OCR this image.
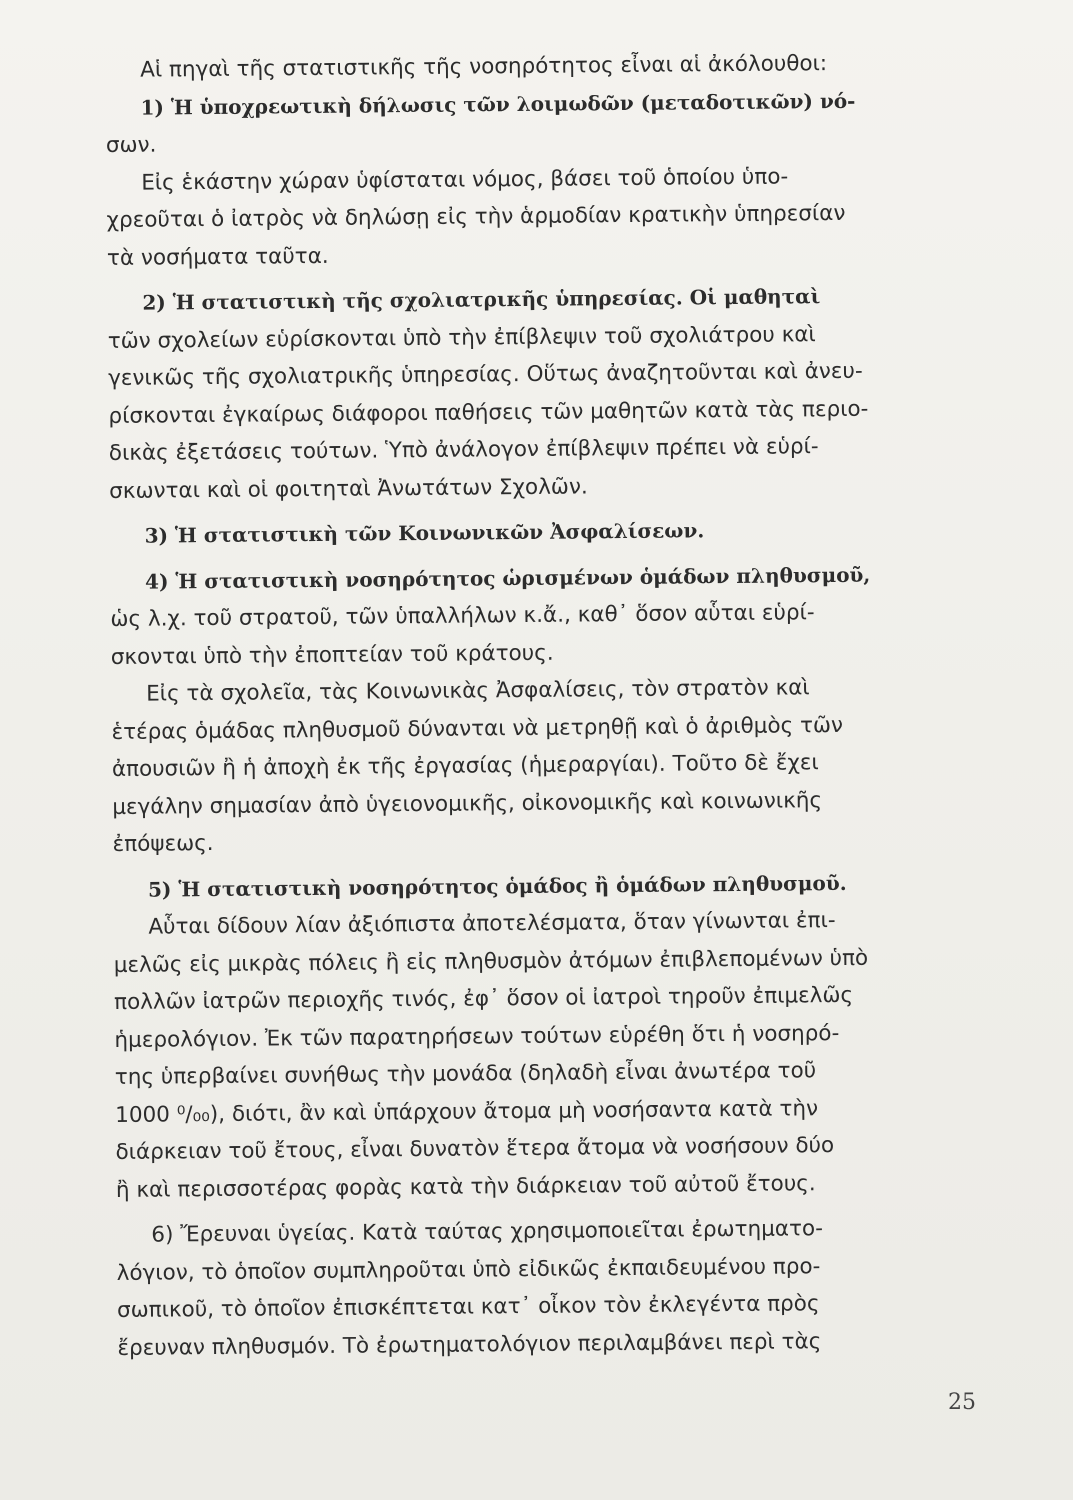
Αἱ πηγαὶ τῆς στατιστικῆς τῆς νοσηρότητος εἶναι αἱ ἀκόλουθοι:
1) Ἡ ὑποχρεωτικὴ δήλωσις τῶν λοιμωδῶν (μεταδοτικῶν) νό-
σων.
Εἰς ἑκάστην χώραν ὑφίσταται νόμος, βάσει τοῦ ὁποίου ὑπο-
χρεοῦται ὁ ἰατρὸς νὰ δηλώσῃ εἰς τὴν ἁρμοδίαν κρατικὴν ὑπηρεσίαν
τὰ νοσήματα ταῦτα.
2) Ἡ στατιστικὴ τῆς σχολιατρικῆς ὑπηρεσίας. Οἱ μαθηταὶ
τῶν σχολείων εὑρίσκονται ὑπὸ τὴν ἐπίβλεψιν τοῦ σχολιάτρου καὶ
γενικῶς τῆς σχολιατρικῆς ὑπηρεσίας. Οὕτως ἀναζητοῦνται καὶ ἀνευ-
ρίσκονται ἐγκαίρως διάφοροι παθήσεις τῶν μαθητῶν κατὰ τὰς περιο-
δικὰς ἐξετάσεις τούτων. Ὑπὸ ἀνάλογον ἐπίβλεψιν πρέπει νὰ εὑρί-
σκωνται καὶ οἱ φοιτηταὶ Ἀνωτάτων Σχολῶν.
3) Ἡ στατιστικὴ τῶν Κοινωνικῶν Ἀσφαλίσεων.
4) Ἡ στατιστικὴ νοσηρότητος ὡρισμένων ὁμάδων πληθυσμοῦ,
ὡς λ.χ. τοῦ στρατοῦ, τῶν ὑπαλλήλων κ.ἄ., καθ᾽ ὅσον αὗται εὑρί-
σκονται ὑπὸ τὴν ἐποπτείαν τοῦ κράτους.
Εἰς τὰ σχολεῖα, τὰς Κοινωνικὰς Ἀσφαλίσεις, τὸν στρατὸν καὶ
ἑτέρας ὁμάδας πληθυσμοῦ δύνανται νὰ μετρηθῇ καὶ ὁ ἀριθμὸς τῶν
ἀπουσιῶν ἢ ἡ ἀποχὴ ἐκ τῆς ἐργασίας (ἡμεραργίαι). Τοῦτο δὲ ἔχει
μεγάλην σημασίαν ἀπὸ ὑγειονομικῆς, οἰκονομικῆς καὶ κοινωνικῆς
ἐπόψεως.
5) Ἡ στατιστικὴ νοσηρότητος ὁμάδος ἢ ὁμάδων πληθυσμοῦ.
Αὗται δίδουν λίαν ἀξιόπιστα ἀποτελέσματα, ὅταν γίνωνται ἐπι-
μελῶς εἰς μικρὰς πόλεις ἢ εἰς πληθυσμὸν ἀτόμων ἐπιβλεπομένων ὑπὸ
πολλῶν ἰατρῶν περιοχῆς τινός, ἐφ᾽ ὅσον οἱ ἰατροὶ τηροῦν ἐπιμελῶς
ἡμερολόγιον. Ἐκ τῶν παρατηρήσεων τούτων εὑρέθη ὅτι ἡ νοσηρό-
της ὑπερβαίνει συνήθως τὴν μονάδα (δηλαδὴ εἶναι ἀνωτέρα τοῦ
1000 ⁰/₀₀), διότι, ἂν καὶ ὑπάρχουν ἄτομα μὴ νοσήσαντα κατὰ τὴν
διάρκειαν τοῦ ἔτους, εἶναι δυνατὸν ἕτερα ἄτομα νὰ νοσήσουν δύο
ἢ καὶ περισσοτέρας φορὰς κατὰ τὴν διάρκειαν τοῦ αὐτοῦ ἔτους.
6) Ἔρευναι ὑγείας. Κατὰ ταύτας χρησιμοποιεῖται ἐρωτηματο-
λόγιον, τὸ ὁποῖον συμπληροῦται ὑπὸ εἰδικῶς ἐκπαιδευμένου προ-
σωπικοῦ, τὸ ὁποῖον ἐπισκέπτεται κατ᾽ οἶκον τὸν ἐκλεγέντα πρὸς
ἔρευναν πληθυσμόν. Τὸ ἐρωτηματολόγιον περιλαμβάνει περὶ τὰς
25
